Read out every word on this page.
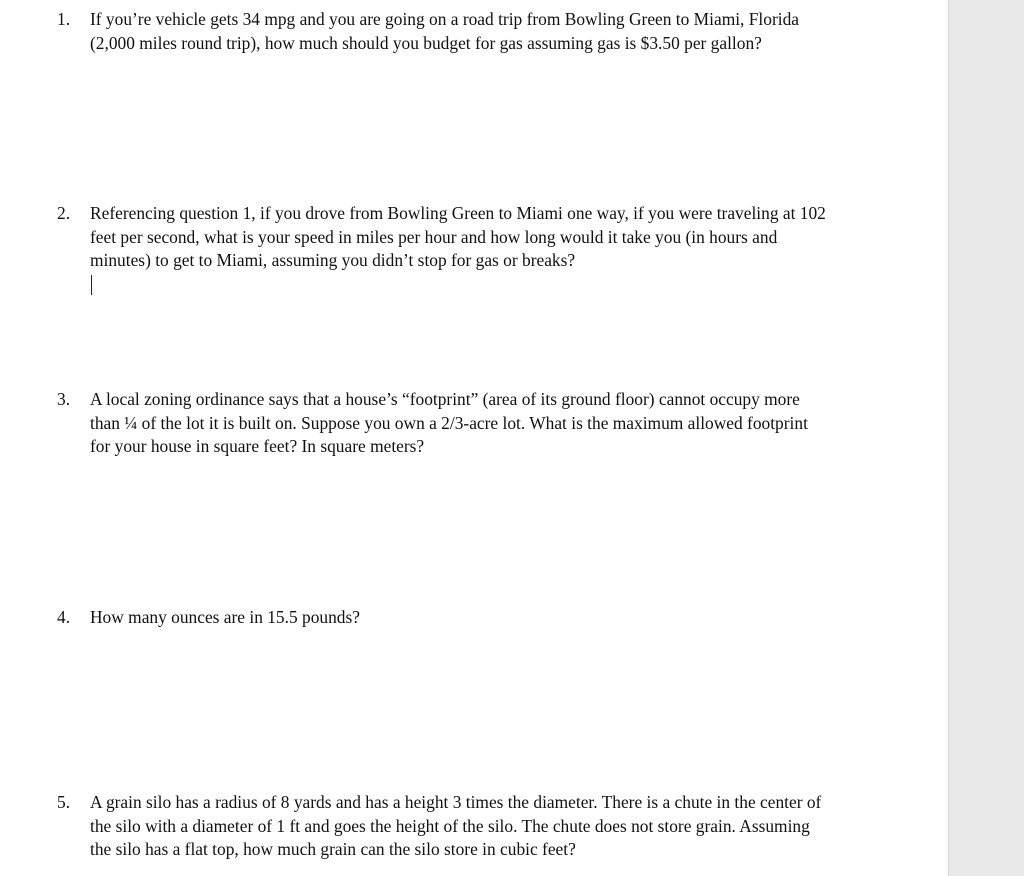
1.	If you’re vehicle gets 34 mpg and you are going on a road trip from Bowling Green to Miami, Florida (2,000 miles round trip), how much should you budget for gas assuming gas is $3.50 per gallon?

2.	Referencing question 1, if you drove from Bowling Green to Miami one way, if you were traveling at 102 feet per second, what is your speed in miles per hour and how long would it take you (in hours and minutes) to get to Miami, assuming you didn’t stop for gas or breaks?

3.	A local zoning ordinance says that a house’s “footprint” (area of its ground floor) cannot occupy more than ¼ of the lot it is built on. Suppose you own a 2/3-acre lot. What is the maximum allowed footprint for your house in square feet? In square meters?

4.	How many ounces are in 15.5 pounds?

5.	A grain silo has a radius of 8 yards and has a height 3 times the diameter. There is a chute in the center of the silo with a diameter of 1 ft and goes the height of the silo. The chute does not store grain. Assuming the silo has a flat top, how much grain can the silo store in cubic feet?
